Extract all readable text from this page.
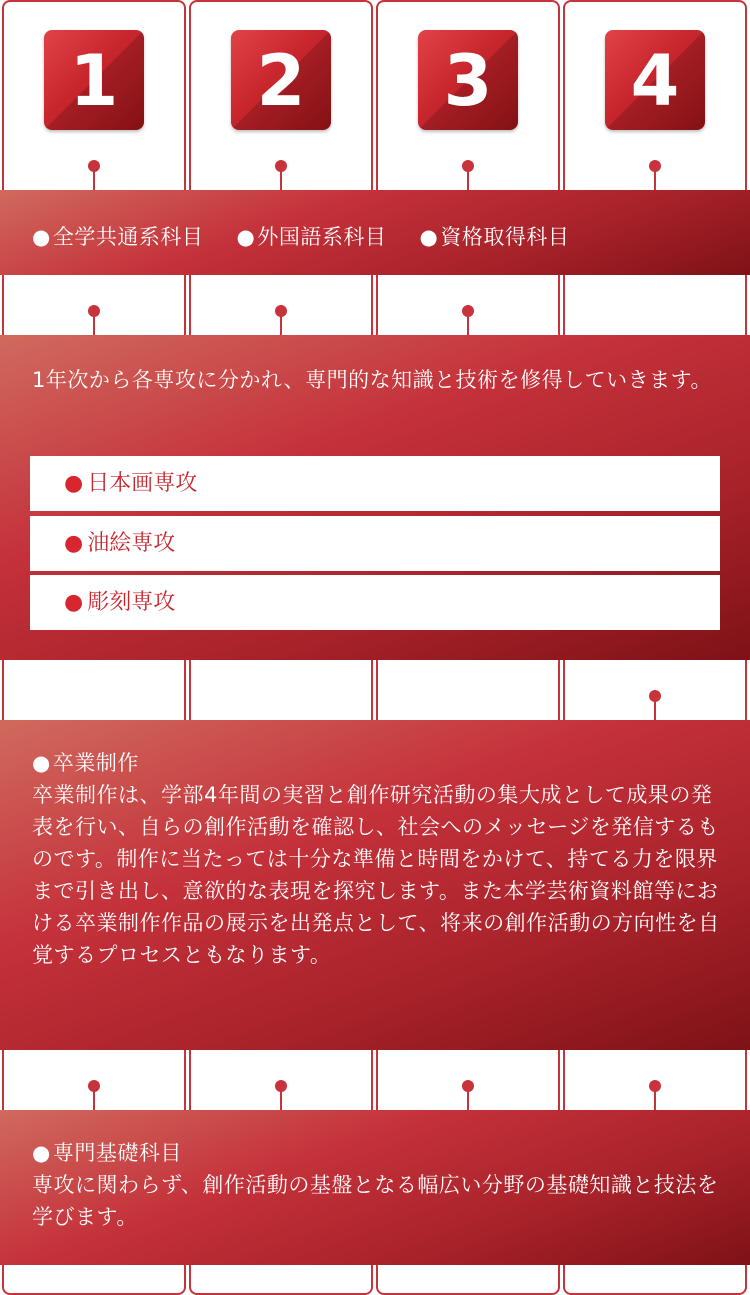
1 2 3 4
● 全学共通系科目	● 外国語系科目	● 資格取得科目
1年次から各専攻に分かれ、専門的な知識と技術を修得していきます。
● 日本画専攻
● 油絵専攻
● 彫刻専攻
● 卒業制作
卒業制作は、学部4年間の実習と創作研究活動の集大成として成果の発表を行い、自らの創作活動を確認し、社会へのメッセージを発信するものです。制作に当たっては十分な準備と時間をかけて、持てる力を限界まで引き出し、意欲的な表現を探究します。また本学芸術資料館等における卒業制作作品の展示を出発点として、将来の創作活動の方向性を自覚するプロセスともなります。
● 専門基礎科目
専攻に関わらず、創作活動の基盤となる幅広い分野の基礎知識と技法を学びます。
